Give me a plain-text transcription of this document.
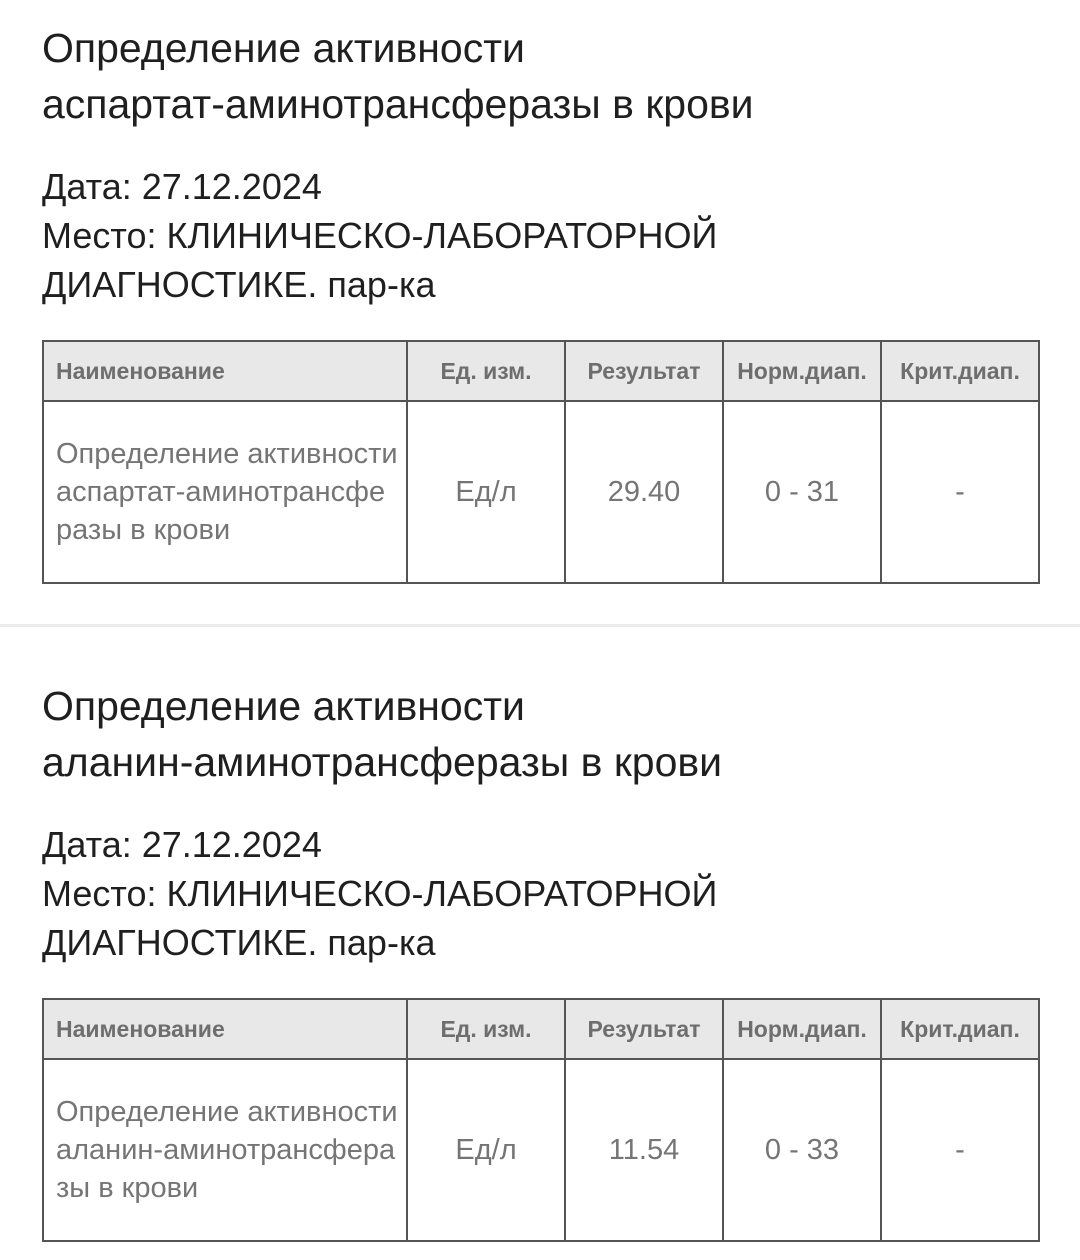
Определение активности
аспартат-аминотрансферазы в крови
Дата: 27.12.2024
Место: КЛИНИЧЕСКО-ЛАБОРАТОРНОЙ
ДИАГНОСТИКЕ. пар-ка
Наименование	Ед. изм.	Результат	Норм.диап.	Крит.диап.
Определение активности аспартат-аминотрансферазы в крови	Ед/л	29.40	0 - 31	-
Определение активности
аланин-аминотрансферазы в крови
Дата: 27.12.2024
Место: КЛИНИЧЕСКО-ЛАБОРАТОРНОЙ
ДИАГНОСТИКЕ. пар-ка
Наименование	Ед. изм.	Результат	Норм.диап.	Крит.диап.
Определение активности аланин-аминотрансферазы в крови	Ед/л	11.54	0 - 33	-
